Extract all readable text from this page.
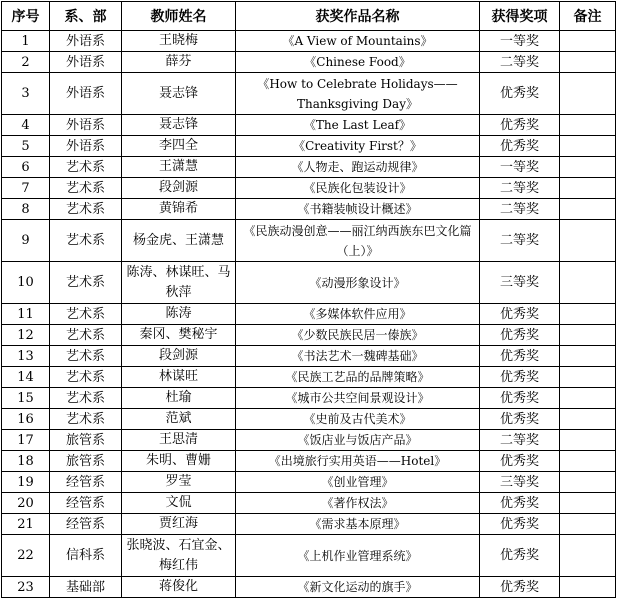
序号	系、部	教师姓名	获奖作品名称	获得奖项	备注
1	外语系	王晓梅	《A View of Mountains》	一等奖	
2	外语系	薛芬	《Chinese Food》	二等奖	
3	外语系	聂志锋	《How to Celebrate Holidays——Thanksgiving Day》	优秀奖	
4	外语系	聂志锋	《The Last Leaf》	优秀奖	
5	外语系	李四全	《Creativity First？》	优秀奖	
6	艺术系	王潇慧	《人物走、跑运动规律》	一等奖	
7	艺术系	段剑源	《民族化包装设计》	二等奖	
8	艺术系	黄锦希	《书籍装帧设计概述》	二等奖	
9	艺术系	杨金虎、王潇慧	《民族动漫创意——丽江纳西族东巴文化篇（上）》	二等奖	
10	艺术系	陈涛、林谋旺、马秋萍	《动漫形象设计》	三等奖	
11	艺术系	陈涛	《多媒体软件应用》	优秀奖	
12	艺术系	秦冈、樊秘宇	《少数民族民居一傣族》	优秀奖	
13	艺术系	段剑源	《书法艺术一魏碑基础》	优秀奖	
14	艺术系	林谋旺	《民族工艺品的品牌策略》	优秀奖	
15	艺术系	杜瑜	《城市公共空间景观设计》	优秀奖	
16	艺术系	范斌	《史前及古代美术》	优秀奖	
17	旅管系	王思清	《饭店业与饭店产品》	二等奖	
18	旅管系	朱明、曹姗	《出境旅行实用英语——Hotel》	优秀奖	
19	经管系	罗莹	《创业管理》	三等奖	
20	经管系	文侃	《著作权法》	优秀奖	
21	经管系	贾红海	《需求基本原理》	优秀奖	
22	信科系	张晓波、石宜金、梅红伟	《上机作业管理系统》	优秀奖	
23	基础部	蒋俊化	《新文化运动的旗手》	优秀奖	
